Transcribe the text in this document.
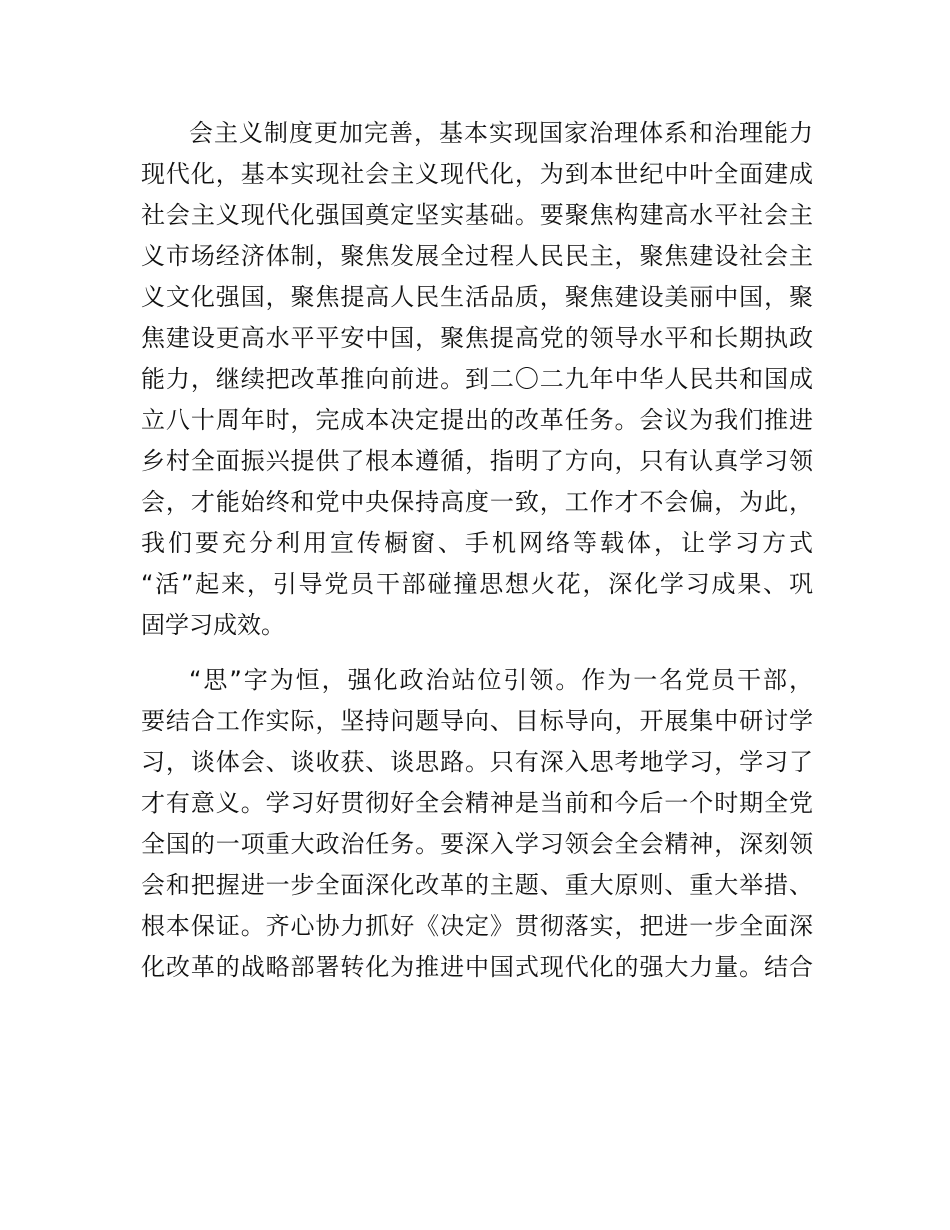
会主义制度更加完善，基本实现国家治理体系和治理能力
现代化，基本实现社会主义现代化，为到本世纪中叶全面建成
社会主义现代化强国奠定坚实基础。要聚焦构建高水平社会主
义市场经济体制，聚焦发展全过程人民民主，聚焦建设社会主
义文化强国，聚焦提高人民生活品质，聚焦建设美丽中国，聚
焦建设更高水平平安中国，聚焦提高党的领导水平和长期执政
能力，继续把改革推向前进。到二〇二九年中华人民共和国成
立八十周年时，完成本决定提出的改革任务。会议为我们推进
乡村全面振兴提供了根本遵循，指明了方向，只有认真学习领
会，才能始终和党中央保持高度一致，工作才不会偏，为此，
我们要充分利用宣传橱窗、手机网络等载体，让学习方式
“活”起来，引导党员干部碰撞思想火花，深化学习成果、巩
固学习成效。
“思”字为恒，强化政治站位引领。作为一名党员干部，
要结合工作实际，坚持问题导向、目标导向，开展集中研讨学
习，谈体会、谈收获、谈思路。只有深入思考地学习，学习了
才有意义。学习好贯彻好全会精神是当前和今后一个时期全党
全国的一项重大政治任务。要深入学习领会全会精神，深刻领
会和把握进一步全面深化改革的主题、重大原则、重大举措、
根本保证。齐心协力抓好《决定》贯彻落实，把进一步全面深
化改革的战略部署转化为推进中国式现代化的强大力量。结合
